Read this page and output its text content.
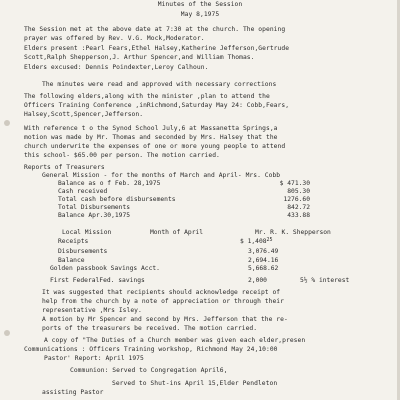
Minutes of the Session
May 8,1975
The Session met at the above date at 7:30 at the church. The opening
prayer was offered by Rev. V.G. Mock,Moderator.
Elders present :Pearl Fears,Ethel Halsey,Katherine Jefferson,Gertrude
Scott,Ralph Shepperson,J. Arthur Spencer,and William Thomas.
Elders excused: Dennis Poindexter,Leroy Calhoun.
The minutes were read and approved with necessary corrections
The following elders,along with the minister ,plan to attend the
Officers Training Conference ,inRichmond,Saturday May 24: Cobb,Fears,
Halsey,Scott,Spencer,Jefferson.
With reference t o the Synod School July,6 at Massanetta Springs,a
motion was made by Mr. Thomas and seconded by Mrs. Halsey that the
church underwrite the expenses of one or more young people to attend
this school- $65.00 per person. The motion carried.
Reports of Treasurers
General Mission - for the months of March and April- Mrs. Cobb
Balance as o f Feb. 28,1975	$ 471.30
Cash received	805.30
Total cash before disbursements	1276.60
Total Disbursements	842.72
Balance Apr.30,1975	433.88
Local Mission	Month of April	Mr. R. K. Shepperson
Receipts	$ 1,408$^{25}$
Disbursements	3,076.49
Balance	2,694.16
Golden passbook Savings Acct.	5,668.62
First FederalFed. savings	2,000	5½ % interest
It was suggested that recipients should acknowledge receipt of
help from the church by a note of appreciation or through their
representative ,Mrs Isley.
A motion by Mr Spencer and second by Mrs. Jefferson that the re-
ports of the treasurers be received. The motion carried.
A copy of "The Duties of a Church member was given each elder,presen
Communications : Officers Training workshop, Richmond May 24,10:00
Pastor' Report: April 1975
Communion: Served to Congregation April6,
Served to Shut-ins April 15,Elder Pendleton
assisting Pastor
